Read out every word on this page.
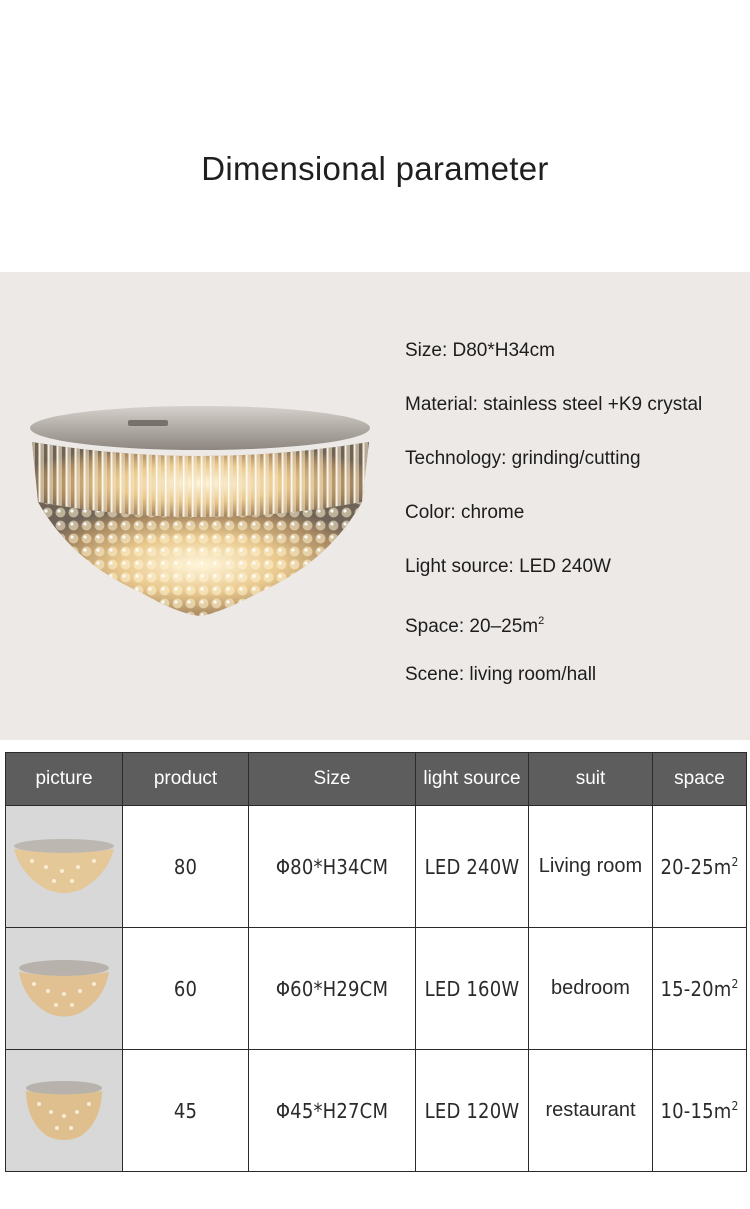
Dimensional parameter
Size: D80*H34cm
Material: stainless steel +K9 crystal
Technology: grinding/cutting
Color: chrome
Light source: LED 240W
Space: $20-25m^2$
Scene: living room/hall
picture	product	Size	light source	suit	space

	80	Φ80*H34CM	LED 240W	Living room	$20-25m^2$

	60	Φ60*H29CM	LED 160W	bedroom	$15-20m^2$

	45	Φ45*H27CM	LED 120W	restaurant	$10-15m^2$
